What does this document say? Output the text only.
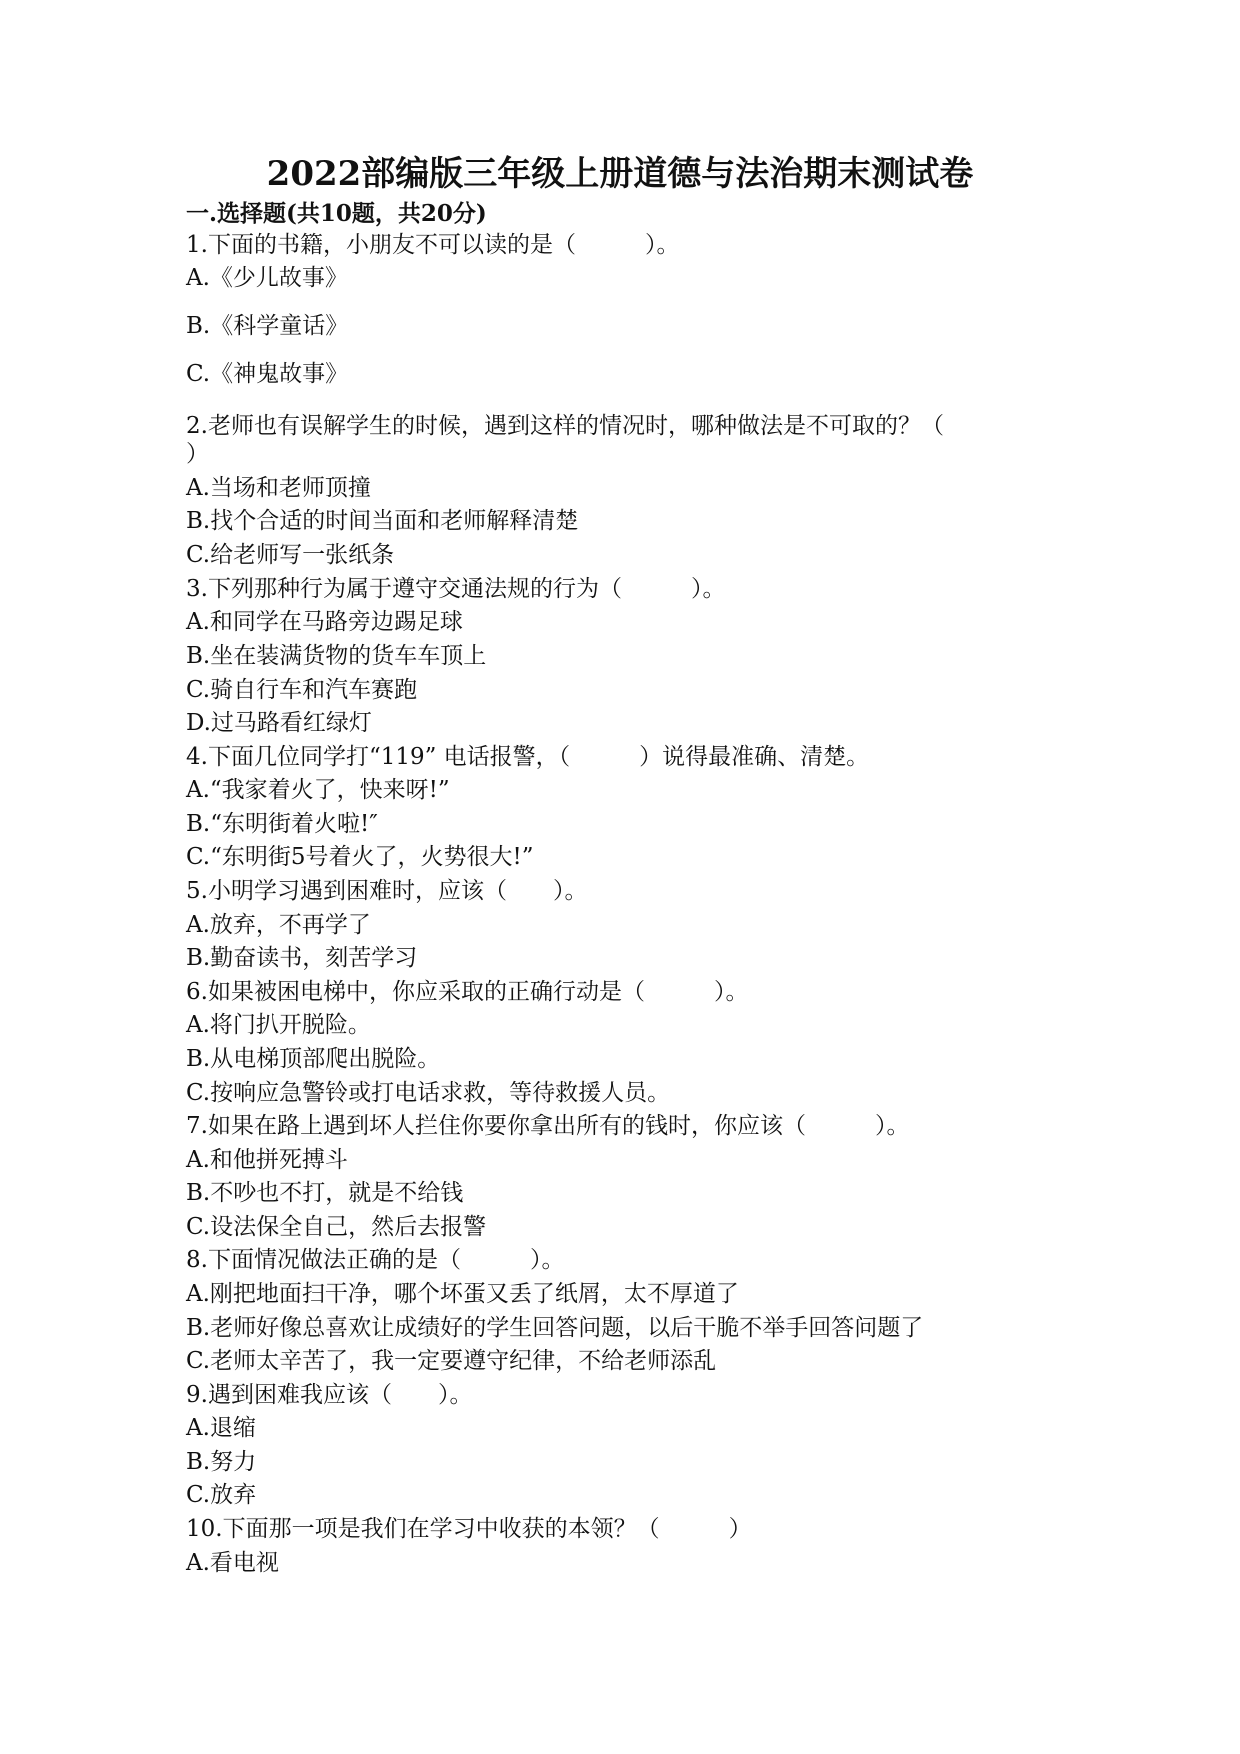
2022部编版三年级上册道德与法治期末测试卷
一.选择题(共10题，共20分)
1.下面的书籍，小朋友不可以读的是（　　　）。
A.《少儿故事》
B.《科学童话》
C.《神鬼故事》
2.老师也有误解学生的时候，遇到这样的情况时，哪种做法是不可取的？（
）
A.当场和老师顶撞
B.找个合适的时间当面和老师解释清楚
C.给老师写一张纸条
3.下列那种行为属于遵守交通法规的行为（　　　）。
A.和同学在马路旁边踢足球
B.坐在装满货物的货车车顶上
C.骑自行车和汽车赛跑
D.过马路看红绿灯
4.下面几位同学打“119” 电话报警，（　　　）说得最准确、清楚。
A.“我家着火了，快来呀!”
B.“东明街着火啦!″
C.“东明街5号着火了，火势很大!”
5.小明学习遇到困难时，应该（　　）。
A.放弃，不再学了
B.勤奋读书，刻苦学习
6.如果被困电梯中，你应采取的正确行动是（　　　）。
A.将门扒开脱险。
B.从电梯顶部爬出脱险。
C.按响应急警铃或打电话求救，等待救援人员。
7.如果在路上遇到坏人拦住你要你拿出所有的钱时，你应该（　　　）。
A.和他拼死搏斗
B.不吵也不打，就是不给钱
C.设法保全自己，然后去报警
8.下面情况做法正确的是（　　　）。
A.刚把地面扫干净，哪个坏蛋又丢了纸屑，太不厚道了
B.老师好像总喜欢让成绩好的学生回答问题，以后干脆不举手回答问题了
C.老师太辛苦了，我一定要遵守纪律，不给老师添乱
9.遇到困难我应该（　　）。
A.退缩
B.努力
C.放弃
10.下面那一项是我们在学习中收获的本领？（　　　）
A.看电视
